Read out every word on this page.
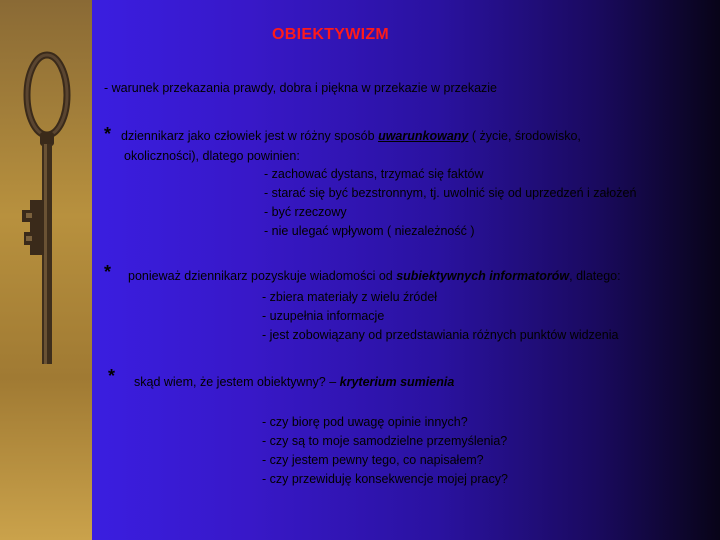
OBIEKTYWIZM
- warunek przekazania prawdy, dobra i piękna w przekazie w przekazie
* dziennikarz jako człowiek jest w różny sposób uwarunkowany ( życie, środowisko,
okoliczności), dlatego powinien:
- zachować dystans, trzymać się faktów
- starać się być bezstronnym, tj. uwolnić się od uprzedzeń i założeń
- być rzeczowy
- nie ulegać wpływom ( niezależność )
* ponieważ dziennikarz pozyskuje wiadomości od subiektywnych informatorów, dlatego:
- zbiera materiały z wielu źródeł
- uzupełnia informacje
- jest zobowiązany od przedstawiania różnych punktów widzenia
* skąd wiem, że jestem obiektywny? – kryterium sumienia
- czy biorę pod uwagę opinie innych?
- czy są to moje samodzielne przemyślenia?
- czy jestem pewny tego, co napisałem?
- czy przewiduję konsekwencje mojej pracy?
